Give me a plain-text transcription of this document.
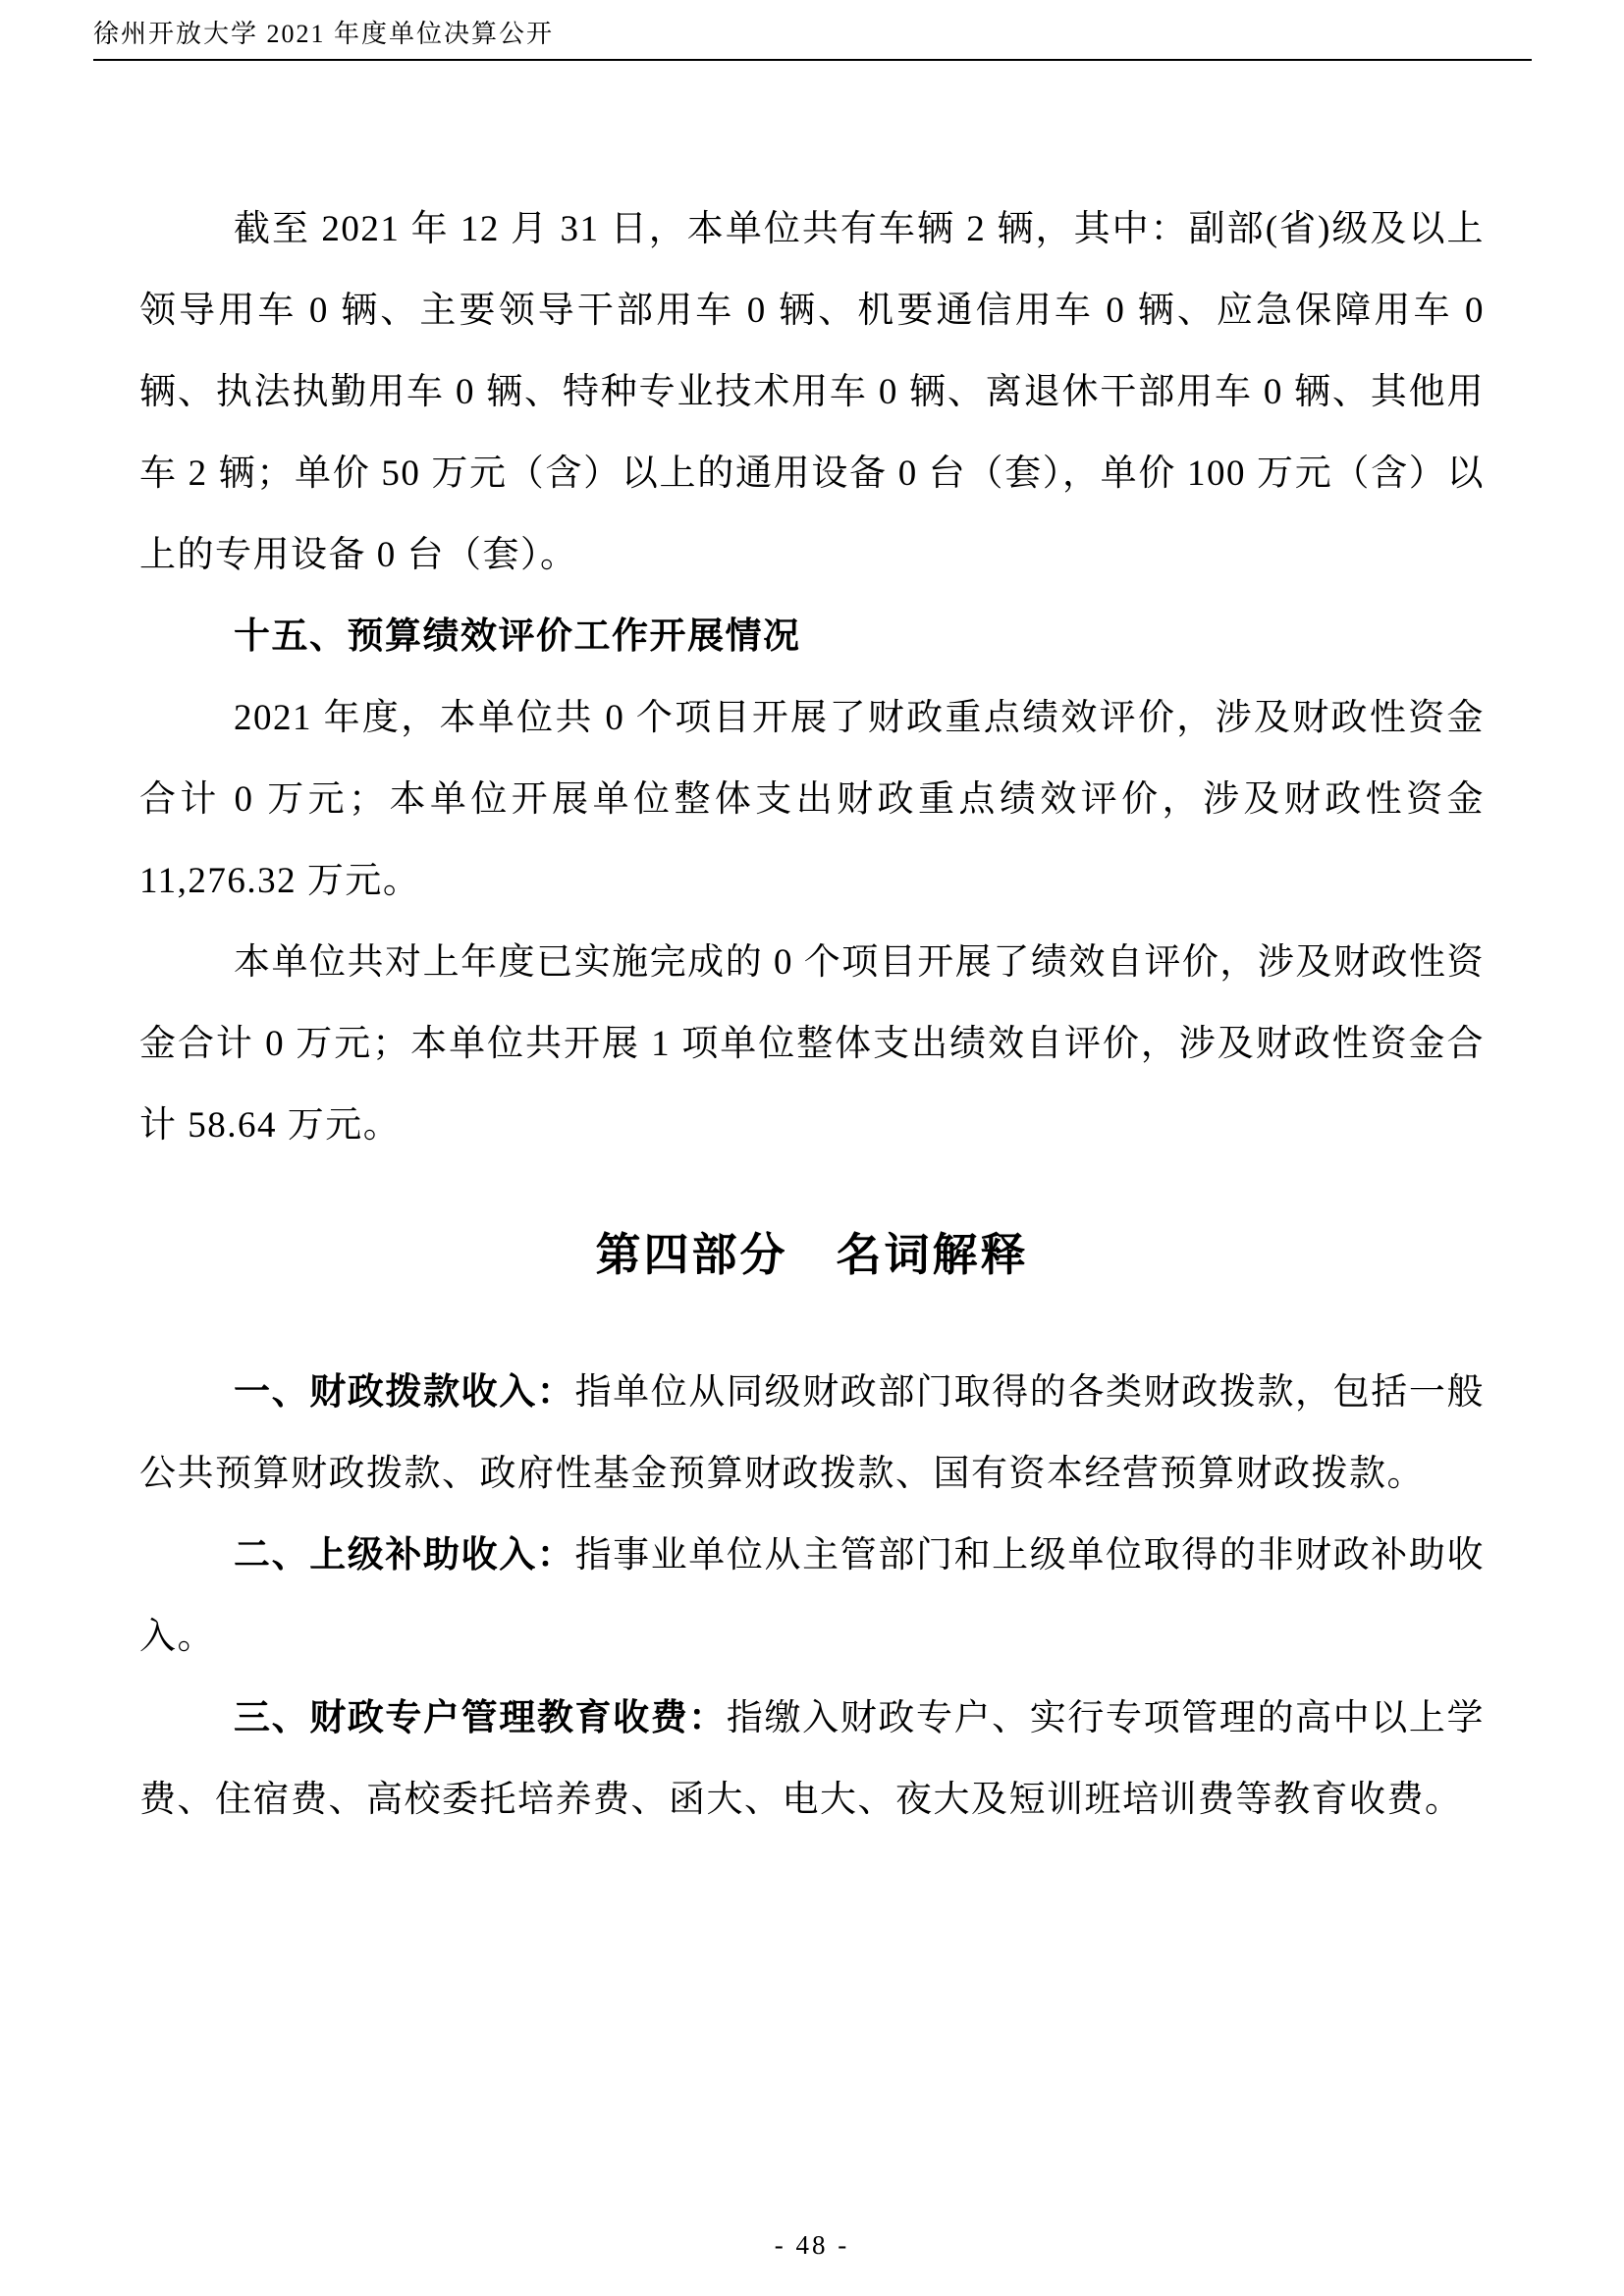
徐州开放大学 2021 年度单位决算公开

截至 2021 年 12 月 31 日，本单位共有车辆 2 辆，其中：副部(省)级及以上领导用车 0 辆、主要领导干部用车 0 辆、机要通信用车 0 辆、应急保障用车 0 辆、执法执勤用车 0 辆、特种专业技术用车 0 辆、离退休干部用车 0 辆、其他用车 2 辆；单价 50 万元（含）以上的通用设备 0 台（套），单价 100 万元（含）以上的专用设备 0 台（套）。

十五、预算绩效评价工作开展情况

2021 年度，本单位共 0 个项目开展了财政重点绩效评价，涉及财政性资金合计 0 万元；本单位开展单位整体支出财政重点绩效评价，涉及财政性资金 11,276.32 万元。

本单位共对上年度已实施完成的 0 个项目开展了绩效自评价，涉及财政性资金合计 0 万元；本单位共开展 1 项单位整体支出绩效自评价，涉及财政性资金合计 58.64 万元。

第四部分　名词解释

一、财政拨款收入：指单位从同级财政部门取得的各类财政拨款，包括一般公共预算财政拨款、政府性基金预算财政拨款、国有资本经营预算财政拨款。

二、上级补助收入：指事业单位从主管部门和上级单位取得的非财政补助收入。

三、财政专户管理教育收费：指缴入财政专户、实行专项管理的高中以上学费、住宿费、高校委托培养费、函大、电大、夜大及短训班培训费等教育收费。

- 48 -
